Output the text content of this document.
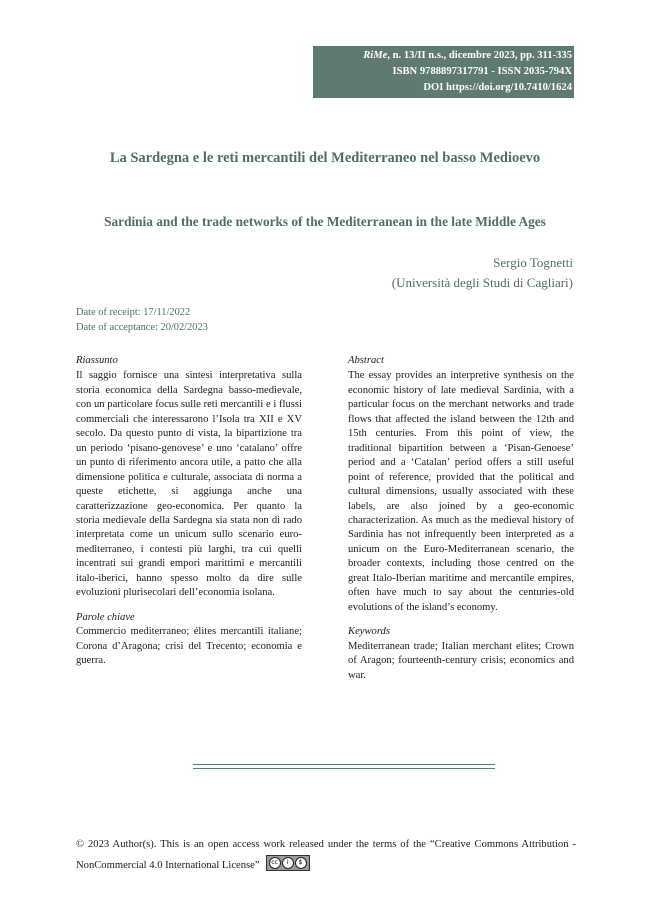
RiMe, n. 13/II n.s., dicembre 2023, pp. 311-335
ISBN 9788897317791 - ISSN 2035-794X
DOI https://doi.org/10.7410/1624
La Sardegna e le reti mercantili del Mediterraneo nel basso Medioevo
Sardinia and the trade networks of the Mediterranean in the late Middle Ages
Sergio Tognetti
(Università degli Studi di Cagliari)
Date of receipt: 17/11/2022
Date of acceptance: 20/02/2023
Riassunto

Il saggio fornisce una sintesi interpretativa sulla storia economica della Sardegna basso-medievale, con un particolare focus sulle reti mercantili e i flussi commerciali che interessarono l’Isola tra XII e XV secolo. Da questo punto di vista, la bipartizione tra un periodo ‘pisano-genovese’ e uno ‘catalano’ offre un punto di riferimento ancora utile, a patto che alla dimensione politica e culturale, associata di norma a queste etichette, si aggiunga anche una caratterizzazione geo-economica. Per quanto la storia medievale della Sardegna sia stata non di rado interpretata come un unicum sullo scenario euro-mediterraneo, i contesti più larghi, tra cui quelli incentrati sui grandi empori marittimi e mercantili italo-iberici, hanno spesso molto da dire sulle evoluzioni plurisecolari dell’economia isolana.

Parole chiave

Commercio mediterraneo; élites mercantili italiane; Corona d’Aragona; crisi del Trecento; economia e guerra.

Abstract

The essay provides an interpretive synthesis on the economic history of late medieval Sardinia, with a particular focus on the merchant networks and trade flows that affected the island between the 12th and 15th centuries. From this point of view, the traditional bipartition between a ‘Pisan-Genoese’ period and a ‘Catalan’ period offers a still useful point of reference, provided that the political and cultural dimensions, usually associated with these labels, are also joined by a geo-economic characterization. As much as the medieval history of Sardinia has not infrequently been interpreted as a unicum on the Euro-Mediterranean scenario, the broader contexts, including those centred on the great Italo-Iberian maritime and mercantile empires, often have much to say about the centuries-old evolutions of the island’s economy.

Keywords

Mediterranean trade; Italian merchant elites; Crown of Aragon; fourteenth-century crisis; economics and war.

© 2023 Author(s). This is an open access work released under the terms of the “Creative Commons Attribution - NonCommercial 4.0 International License”	cc	i	$
